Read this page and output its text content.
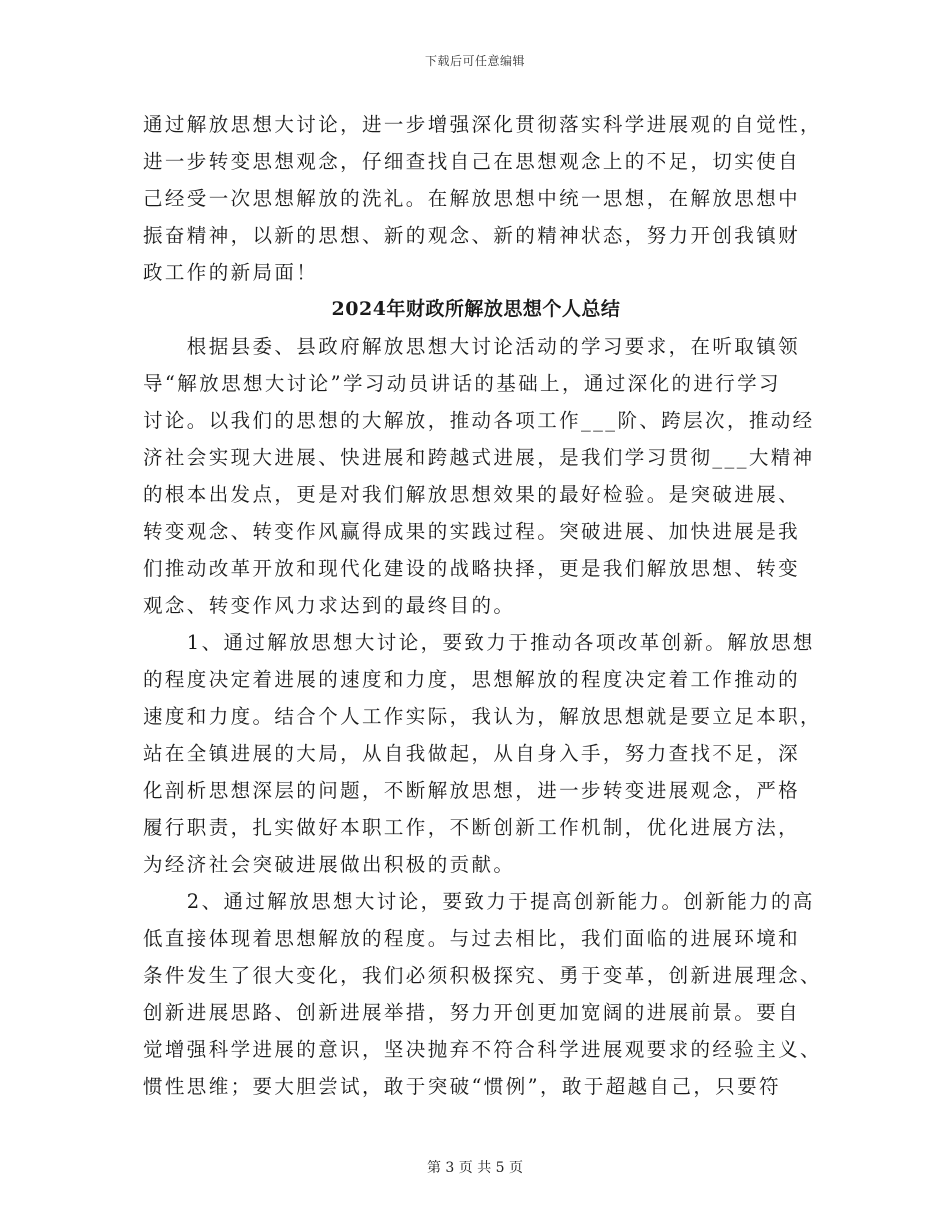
下载后可任意编辑
通过解放思想大讨论，进一步增强深化贯彻落实科学进展观的自觉性，
进一步转变思想观念，仔细查找自己在思想观念上的不足，切实使自
己经受一次思想解放的洗礼。在解放思想中统一思想，在解放思想中
振奋精神，以新的思想、新的观念、新的精神状态，努力开创我镇财
政工作的新局面！
2024年财政所解放思想个人总结
　　根据县委、县政府解放思想大讨论活动的学习要求，在听取镇领
导“解放思想大讨论”学习动员讲话的基础上，通过深化的进行学习
讨论。以我们的思想的大解放，推动各项工作___阶、跨层次，推动经
济社会实现大进展、快进展和跨越式进展，是我们学习贯彻___大精神
的根本出发点，更是对我们解放思想效果的最好检验。是突破进展、
转变观念、转变作风赢得成果的实践过程。突破进展、加快进展是我
们推动改革开放和现代化建设的战略抉择，更是我们解放思想、转变
观念、转变作风力求达到的最终目的。
　　1、通过解放思想大讨论，要致力于推动各项改革创新。解放思想
的程度决定着进展的速度和力度，思想解放的程度决定着工作推动的
速度和力度。结合个人工作实际，我认为，解放思想就是要立足本职，
站在全镇进展的大局，从自我做起，从自身入手，努力查找不足，深
化剖析思想深层的问题，不断解放思想，进一步转变进展观念，严格
履行职责，扎实做好本职工作，不断创新工作机制，优化进展方法，
为经济社会突破进展做出积极的贡献。
　　2、通过解放思想大讨论，要致力于提高创新能力。创新能力的高
低直接体现着思想解放的程度。与过去相比，我们面临的进展环境和
条件发生了很大变化，我们必须积极探究、勇于变革，创新进展理念、
创新进展思路、创新进展举措，努力开创更加宽阔的进展前景。要自
觉增强科学进展的意识，坚决抛弃不符合科学进展观要求的经验主义、
惯性思维；要大胆尝试，敢于突破“惯例”，敢于超越自己，只要符
第 3 页 共 5 页
